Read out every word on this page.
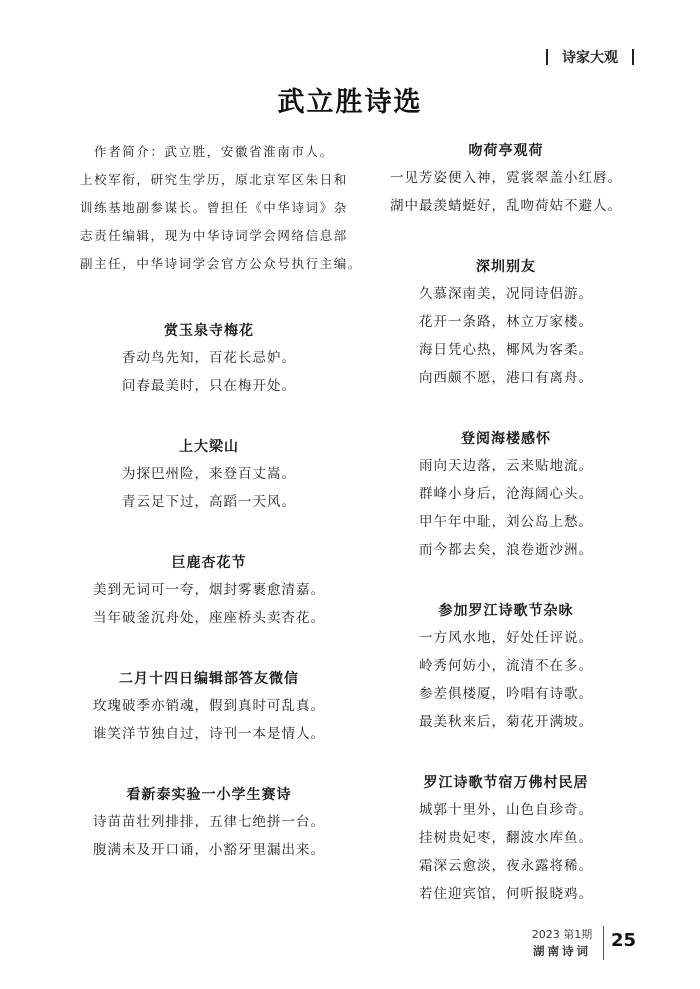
诗家大观
武立胜诗选

作者简介：武立胜，安徽省淮南市人。

上校军衔，研究生学历，原北京军区朱日和

训练基地副参谋长。曾担任《中华诗词》杂

志责任编辑，现为中华诗词学会网络信息部

副主任，中华诗词学会官方公众号执行主编。

赏玉泉寺梅花
香动鸟先知，百花长忌妒。
问春最美时，只在梅开处。
上大梁山
为探巴州险，来登百丈嵩。
青云足下过，高蹈一天风。
巨鹿杏花节
美到无词可一夸，烟封雾裹愈清嘉。
当年破釜沉舟处，座座桥头卖杏花。
二月十四日编辑部答友微信
玫瑰破季亦销魂，假到真时可乱真。
谁笑洋节独自过，诗刊一本是情人。
看新泰实验一小学生赛诗
诗苗苗壮列排排，五律七绝拼一台。
腹满未及开口诵，小豁牙里漏出来。
吻荷亭观荷
一见芳姿便入神，霓裳翠盖小红唇。
湖中最羡蜻蜓好，乱吻荷姑不避人。
深圳别友
久慕深南美，况同诗侣游。
花开一条路，林立万家楼。
海日凭心热，椰风为客柔。
向西颇不愿，港口有离舟。
登阅海楼感怀
雨向天边落，云来贴地流。
群峰小身后，沧海阔心头。
甲午年中耻，刘公岛上愁。
而今都去矣，浪卷逝沙洲。
参加罗江诗歌节杂咏
一方风水地，好处任评说。
岭秀何妨小，流清不在多。
参差俱楼厦，吟唱有诗歌。
最美秋来后，菊花开满坡。
罗江诗歌节宿万佛村民居
城郭十里外，山色自珍奇。
挂树贵妃枣，翻波水库鱼。
霜深云愈淡，夜永露将稀。
若住迎宾馆，何听报晓鸡。
2023 第1期
湖南诗词 25
